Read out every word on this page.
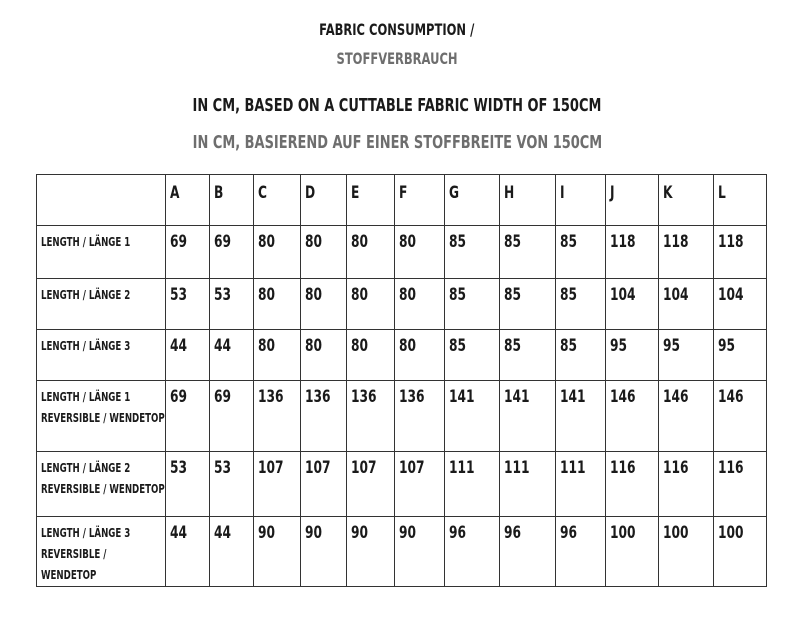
FABRIC CONSUMPTION /
STOFFVERBRAUCH
IN CM, BASED ON A CUTTABLE FABRIC WIDTH OF 150CM
IN CM, BASIEREND AUF EINER STOFFBREITE VON 150CM
	A	B	C	D	E	F	G	H	I	J	K	L

LENGTH / LÄNGE 1	69	69	80	80	80	80	85	85	85	118	118	118

LENGTH / LÄNGE 2	53	53	80	80	80	80	85	85	85	104	104	104

LENGTH / LÄNGE 3	44	44	80	80	80	80	85	85	85	95	95	95

LENGTH / LÄNGE 1
REVERSIBLE / WENDETOP	69	69	136	136	136	136	141	141	141	146	146	146

LENGTH / LÄNGE 2
REVERSIBLE / WENDETOP	53	53	107	107	107	107	111	111	111	116	116	116

LENGTH / LÄNGE 3
REVERSIBLE /
WENDETOP	44	44	90	90	90	90	96	96	96	100	100	100
